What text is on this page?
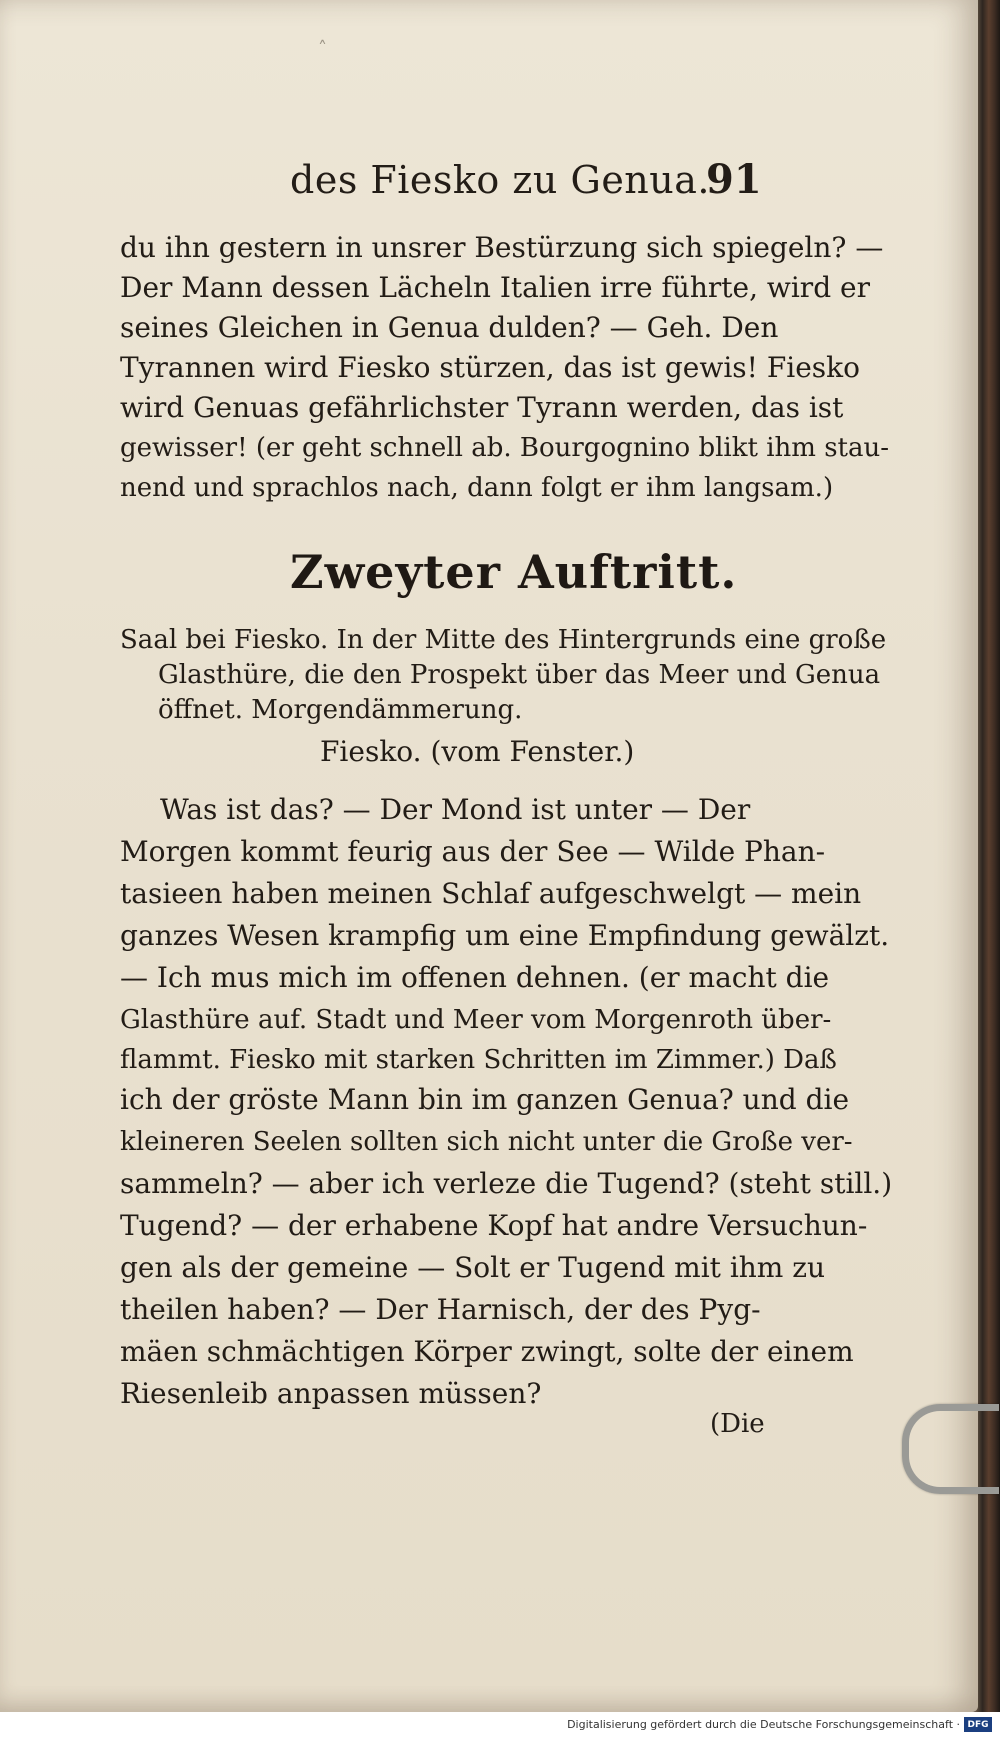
˄
des Fiesko zu Genua.
91
du ihn gestern in unsrer Bestürzung sich spiegeln? —
Der Mann dessen Lächeln Italien irre führte, wird er
seines Gleichen in Genua dulden? — Geh. Den
Tyrannen wird Fiesko stürzen, das ist gewis! Fiesko
wird Genuas gefährlichster Tyrann werden, das ist
gewisser! (er geht schnell ab. Bourgognino blikt ihm stau-
nend und sprachlos nach, dann folgt er ihm langsam.)
Zweyter Auftritt.
Saal bei Fiesko. In der Mitte des Hintergrunds eine große
Glasthüre, die den Prospekt über das Meer und Genua
öffnet. Morgendämmerung.
Fiesko. (vom Fenster.)
Was ist das? — Der Mond ist unter — Der
Morgen kommt feurig aus der See — Wilde Phan-
tasieen haben meinen Schlaf aufgeschwelgt — mein
ganzes Wesen krampfig um eine Empfindung gewälzt.
— Ich mus mich im offenen dehnen. (er macht die
Glasthüre auf. Stadt und Meer vom Morgenroth über-
flammt. Fiesko mit starken Schritten im Zimmer.) Daß
ich der gröste Mann bin im ganzen Genua? und die
kleineren Seelen sollten sich nicht unter die Große ver-
sammeln? — aber ich verleze die Tugend? (steht still.)
Tugend? — der erhabene Kopf hat andre Versuchun-
gen als der gemeine — Solt er Tugend mit ihm zu
theilen haben? — Der Harnisch, der des Pyg-
mäen schmächtigen Körper zwingt, solte der einem
Riesenleib anpassen müssen?
(Die
Digitalisierung gefördert durch die Deutsche Forschungsgemeinschaft · DFG
